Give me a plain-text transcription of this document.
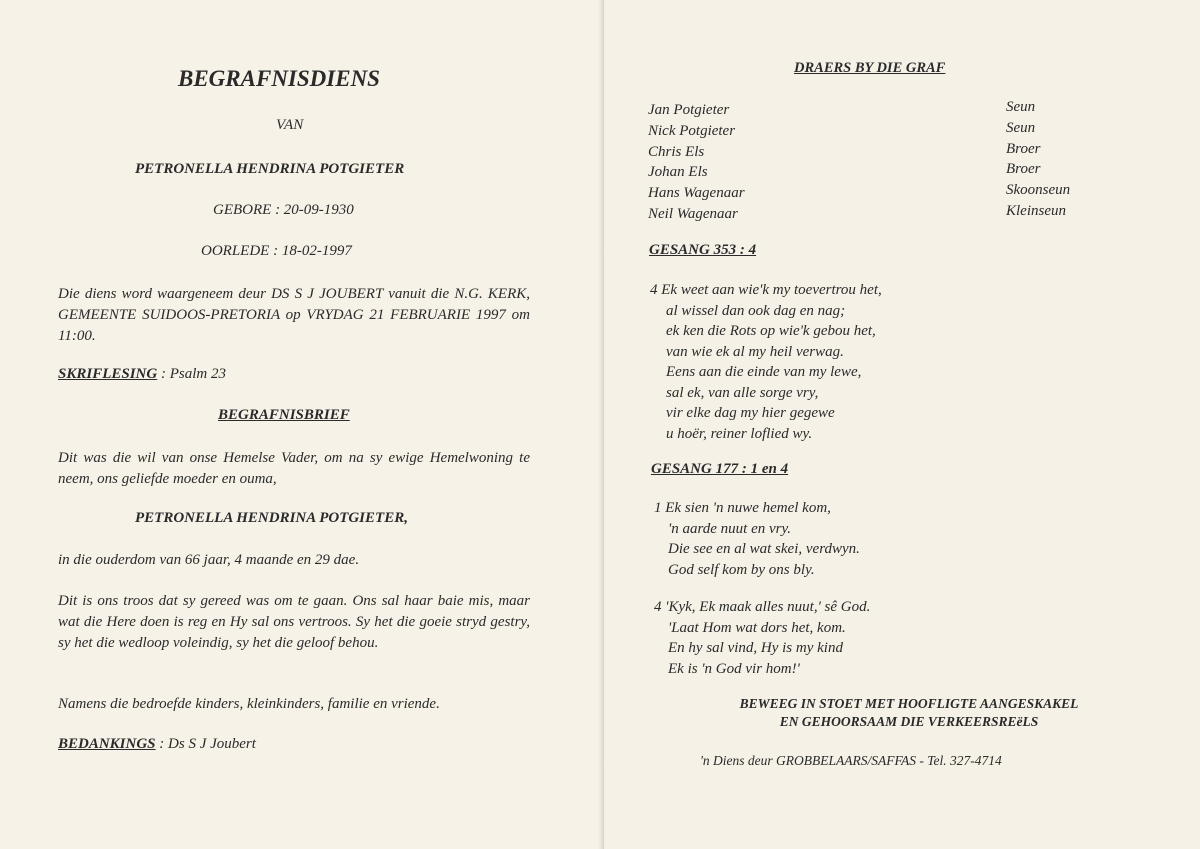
BEGRAFNISDIENS
VAN
PETRONELLA HENDRINA POTGIETER
GEBORE : 20-09-1930
OORLEDE : 18-02-1997
Die diens word waargeneem deur DS S J JOUBERT vanuit die N.G. KERK, GEMEENTE SUIDOOS-PRETORIA op VRYDAG 21 FEBRUARIE 1997 om 11:00.
SKRIFLESING : Psalm 23
BEGRAFNISBRIEF
Dit was die wil van onse Hemelse Vader, om na sy ewige Hemelwoning te neem, ons geliefde moeder en ouma,
PETRONELLA HENDRINA POTGIETER,
in die ouderdom van 66 jaar, 4 maande en 29 dae.
Dit is ons troos dat sy gereed was om te gaan. Ons sal haar baie mis, maar wat die Here doen is reg en Hy sal ons vertroos. Sy het die goeie stryd gestry, sy het die wedloop voleindig, sy het die geloof behou.
Namens die bedroefde kinders, kleinkinders, familie en vriende.
BEDANKINGS : Ds S J Joubert
DRAERS BY DIE GRAF
Jan Potgieter
Nick Potgieter
Chris Els
Johan Els
Hans Wagenaar
Neil Wagenaar
Seun
Seun
Broer
Broer
Skoonseun
Kleinseun
GESANG 353 : 4
4 Ek weet aan wie'k my toevertrou het,
al wissel dan ook dag en nag;
ek ken die Rots op wie'k gebou het,
van wie ek al my heil verwag.
Eens aan die einde van my lewe,
sal ek, van alle sorge vry,
vir elke dag my hier gegewe
u hoër, reiner loflied wy.
GESANG 177 : 1 en 4
1 Ek sien 'n nuwe hemel kom,
'n aarde nuut en vry.
Die see en al wat skei, verdwyn.
God self kom by ons bly.
4 'Kyk, Ek maak alles nuut,' sê God.
'Laat Hom wat dors het, kom.
En hy sal vind, Hy is my kind
Ek is 'n God vir hom!'
BEWEEG IN STOET MET HOOFLIGTE AANGESKAKEL
EN GEHOORSAAM DIE VERKEERSREëLS
'n Diens deur GROBBELAARS/SAFFAS - Tel. 327-4714
